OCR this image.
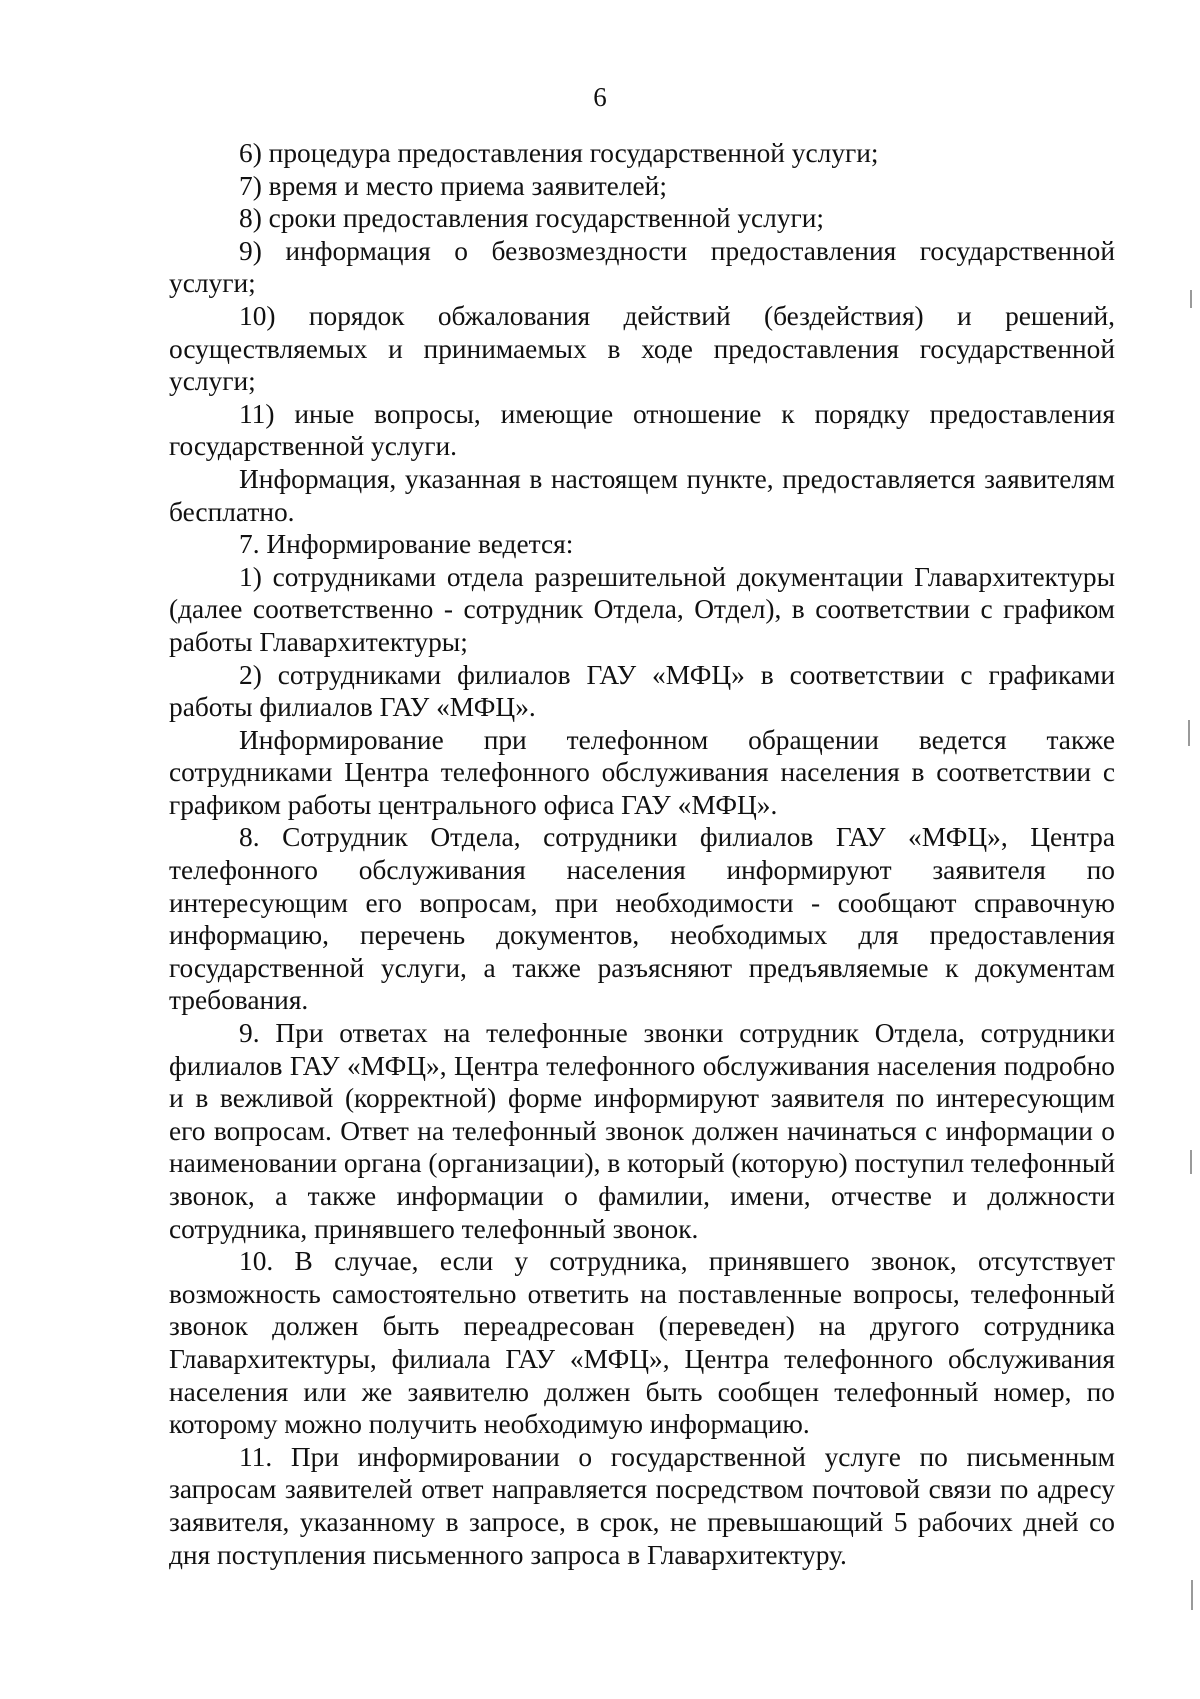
6

6) процедура предоставления государственной услуги;

7) время и место приема заявителей;

8) сроки предоставления государственной услуги;

9) информация о безвозмездности предоставления государственной услуги;

10) порядок обжалования действий (бездействия) и решений, осуществляемых и принимаемых в ходе предоставления государственной услуги;

11) иные вопросы, имеющие отношение к порядку предоставления государственной услуги.

Информация, указанная в настоящем пункте, предоставляется заявителям бесплатно.

7. Информирование ведется:

1) сотрудниками отдела разрешительной документации Главархитектуры (далее соответственно - сотрудник Отдела, Отдел), в соответствии с графиком работы Главархитектуры;

2) сотрудниками филиалов ГАУ «МФЦ» в соответствии с графиками работы филиалов ГАУ «МФЦ».

Информирование при телефонном обращении ведется также сотрудниками Центра телефонного обслуживания населения в соответствии с графиком работы центрального офиса ГАУ «МФЦ».

8. Сотрудник Отдела, сотрудники филиалов ГАУ «МФЦ», Центра телефонного обслуживания населения информируют заявителя по интересующим его вопросам, при необходимости - сообщают справочную информацию, перечень документов, необходимых для предоставления государственной услуги, а также разъясняют предъявляемые к документам требования.

9. При ответах на телефонные звонки сотрудник Отдела, сотрудники филиалов ГАУ «МФЦ», Центра телефонного обслуживания населения подробно и в вежливой (корректной) форме информируют заявителя по интересующим его вопросам. Ответ на телефонный звонок должен начинаться с информации о наименовании органа (организации), в который (которую) поступил телефонный звонок, а также информации о фамилии, имени, отчестве и должности сотрудника, принявшего телефонный звонок.

10. В случае, если у сотрудника, принявшего звонок, отсутствует возможность самостоятельно ответить на поставленные вопросы, телефонный звонок должен быть переадресован (переведен) на другого сотрудника Главархитектуры, филиала ГАУ «МФЦ», Центра телефонного обслуживания населения или же заявителю должен быть сообщен телефонный номер, по которому можно получить необходимую информацию.

11. При информировании о государственной услуге по письменным запросам заявителей ответ направляется посредством почтовой связи по адресу заявителя, указанному в запросе, в срок, не превышающий 5 рабочих дней со дня поступления письменного запроса в Главархитектуру.
